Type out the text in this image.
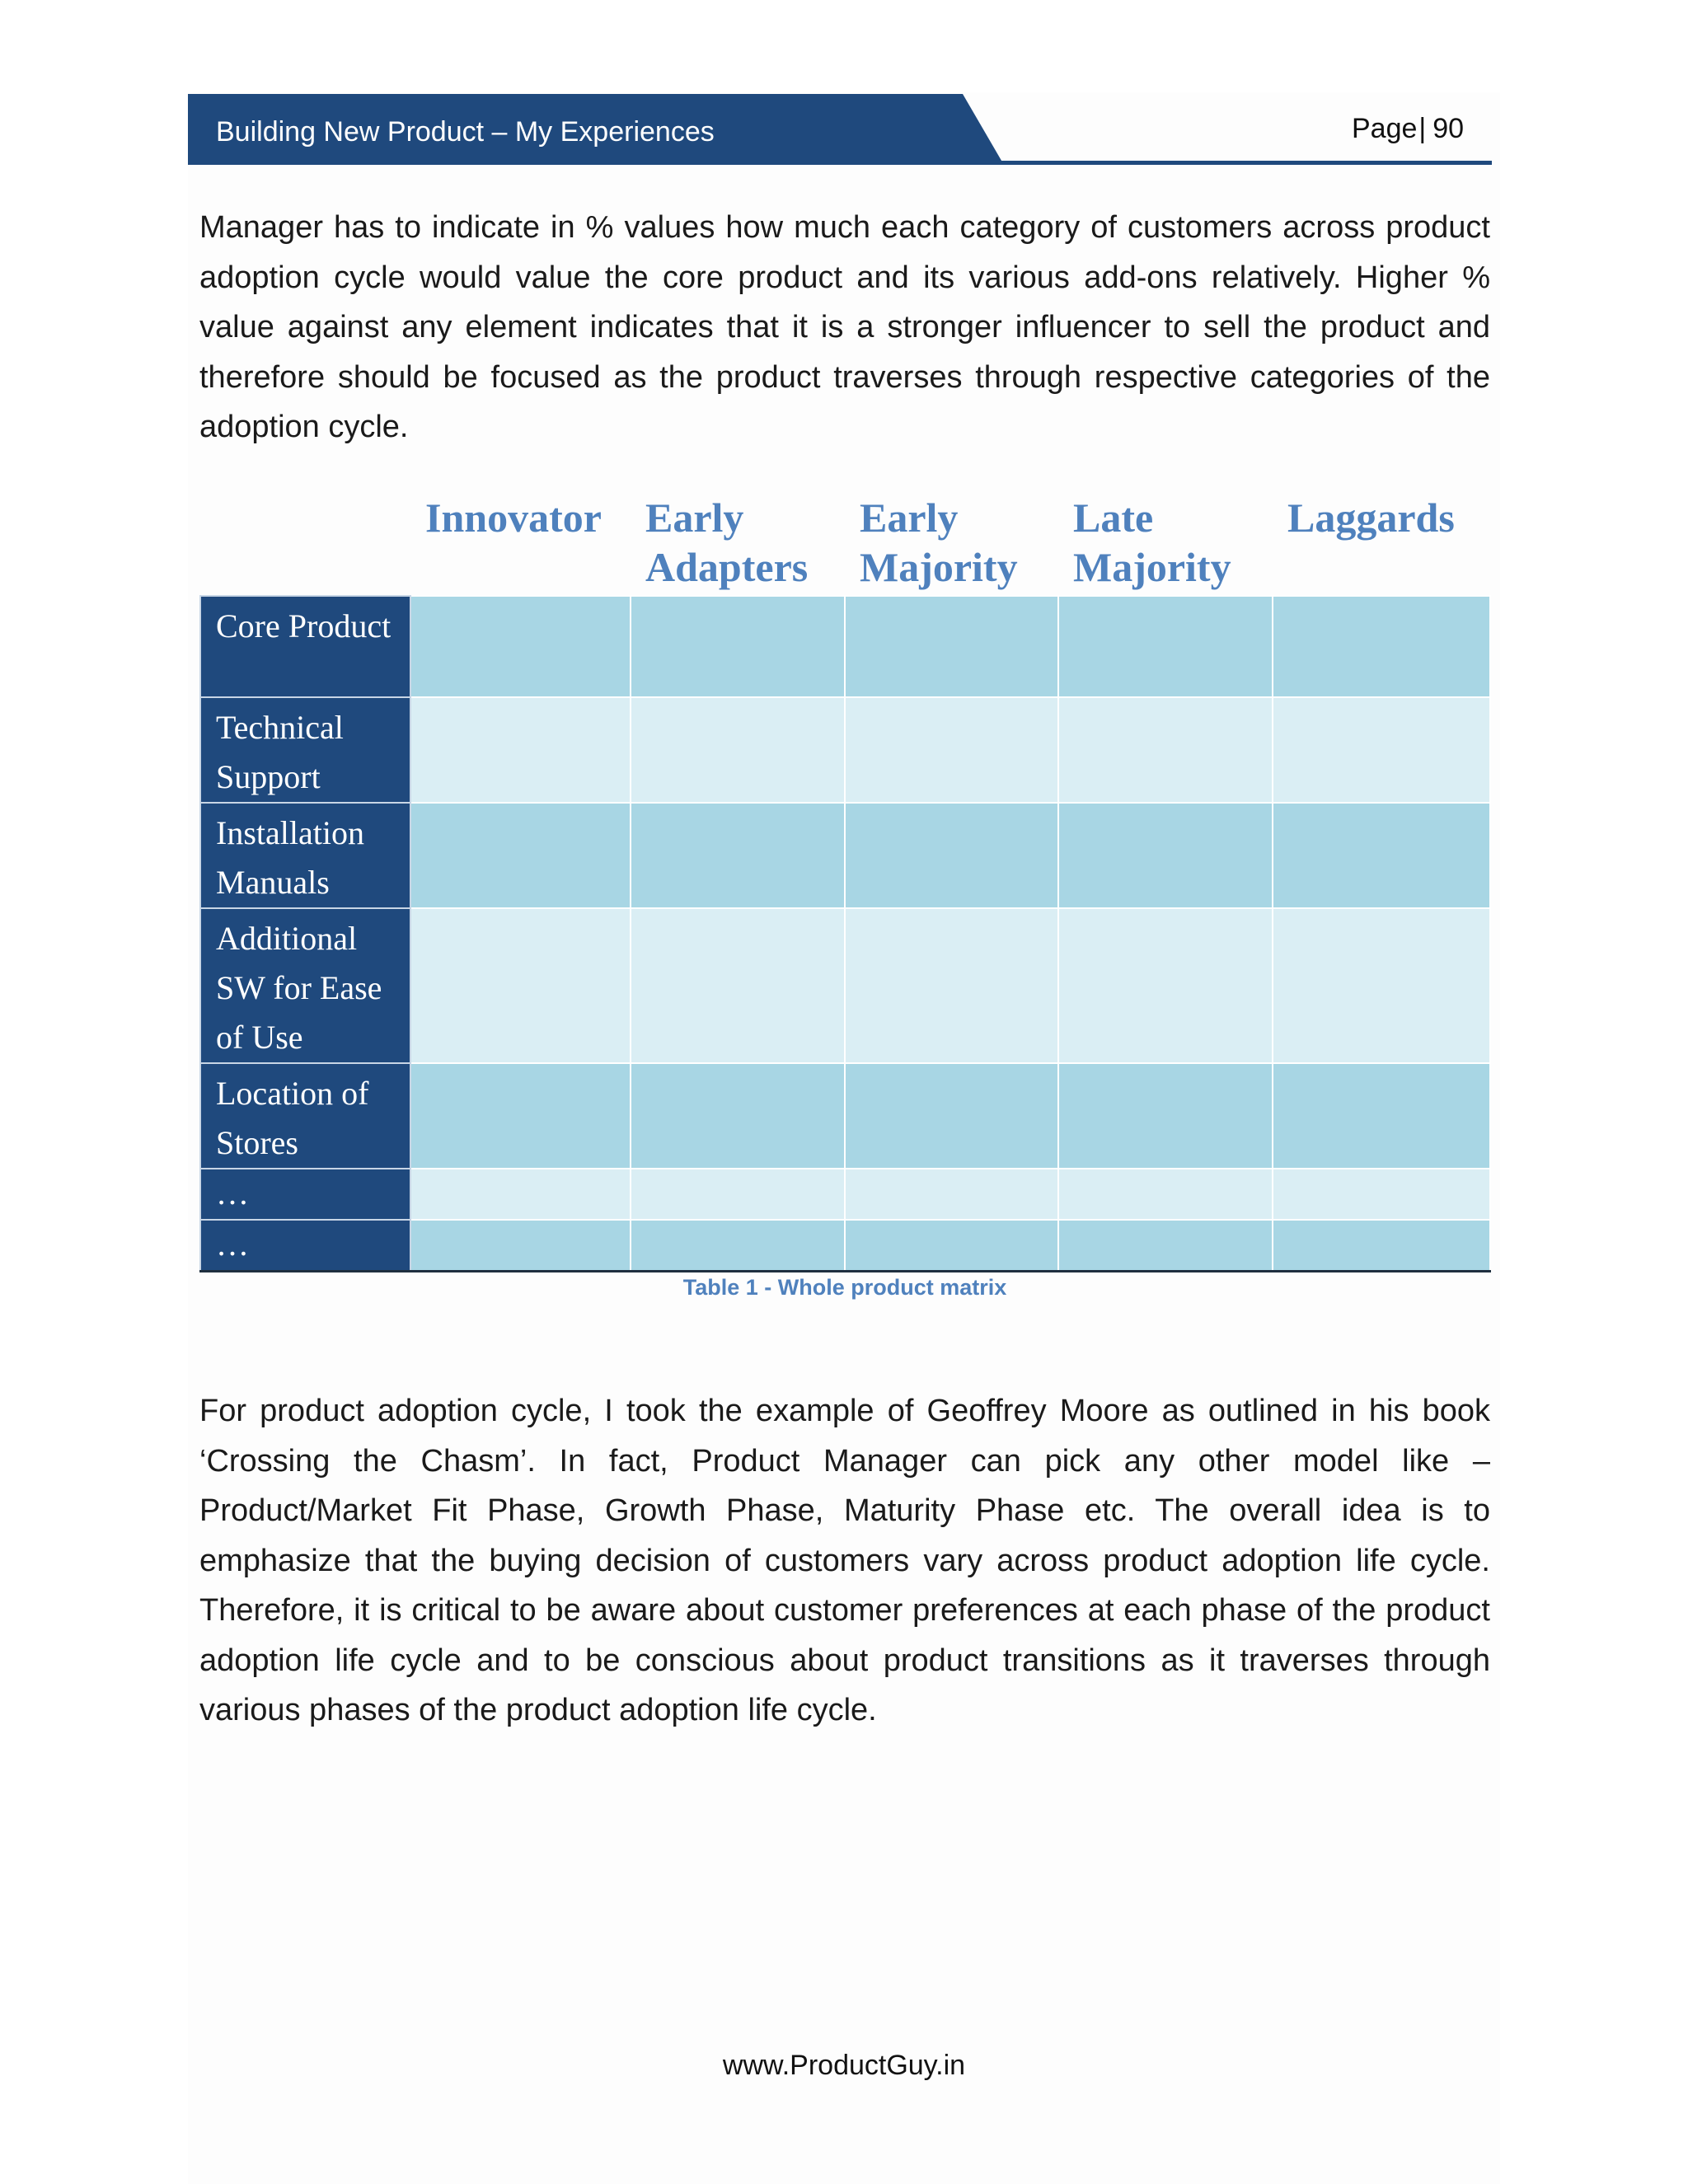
Building New Product – My Experiences	Page| 90

Manager has to indicate in % values how much each category of customers across product adoption cycle would value the core product and its various add-ons relatively. Higher % value against any element indicates that it is a stronger influencer to sell the product and therefore should be focused as the product traverses through respective categories of the adoption cycle.

	Innovator	Early Adapters	Early Majority	Late Majority	Laggards
Core Product					
Technical Support					
Installation Manuals					
Additional SW for Ease of Use					
Location of Stores					
…					
…					
Table 1 - Whole product matrix

For product adoption cycle, I took the example of Geoffrey Moore as outlined in his book ‘Crossing the Chasm’. In fact, Product Manager can pick any other model like – Product/Market Fit Phase, Growth Phase, Maturity Phase etc. The overall idea is to emphasize that the buying decision of customers vary across product adoption life cycle. Therefore, it is critical to be aware about customer preferences at each phase of the product adoption life cycle and to be conscious about product transitions as it traverses through various phases of the product adoption life cycle.

www.ProductGuy.in
